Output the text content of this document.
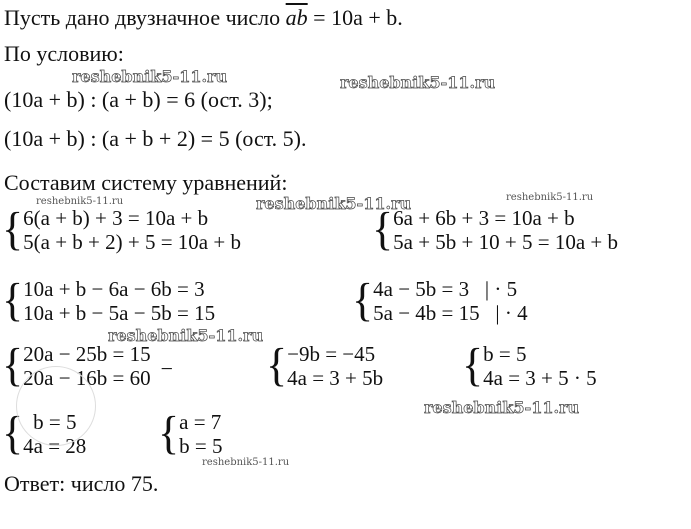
Пусть дано двузначное число $\overline{ab} = 10a + b$.
По условию:
(10a + b) : (a + b) = 6 (ост. 3);
(10a + b) : (a + b + 2) = 5 (ост. 5).
Составим систему уравнений:
{ 6(a + b) + 3 = 10a + b
5(a + b + 2) + 5 = 10a + b	{ 6a + 6b + 3 = 10a + b
5a + 5b + 10 + 5 = 10a + b
{ 10a + b − 6a − 6b = 3
10a + b − 5a − 5b = 15	{ 4a − 5b = 3   | · 5
5a − 4b = 15   | · 4
{ 20a − 25b = 15
20a − 16b = 60 − { −9b = −45
4a = 3 + 5b { b = 5
4a = 3 + 5 · 5
{ b = 5
4a = 28 { a = 7
b = 5
Ответ: число 75.
reshebnik5-11.ru	reshebnik5-11.ru
reshebnik5-11.ru	reshebnik5-11.ru	reshebnik5-11.ru
reshebnik5-11.ru
reshebnik5-11.ru
reshebnik5-11.ru
